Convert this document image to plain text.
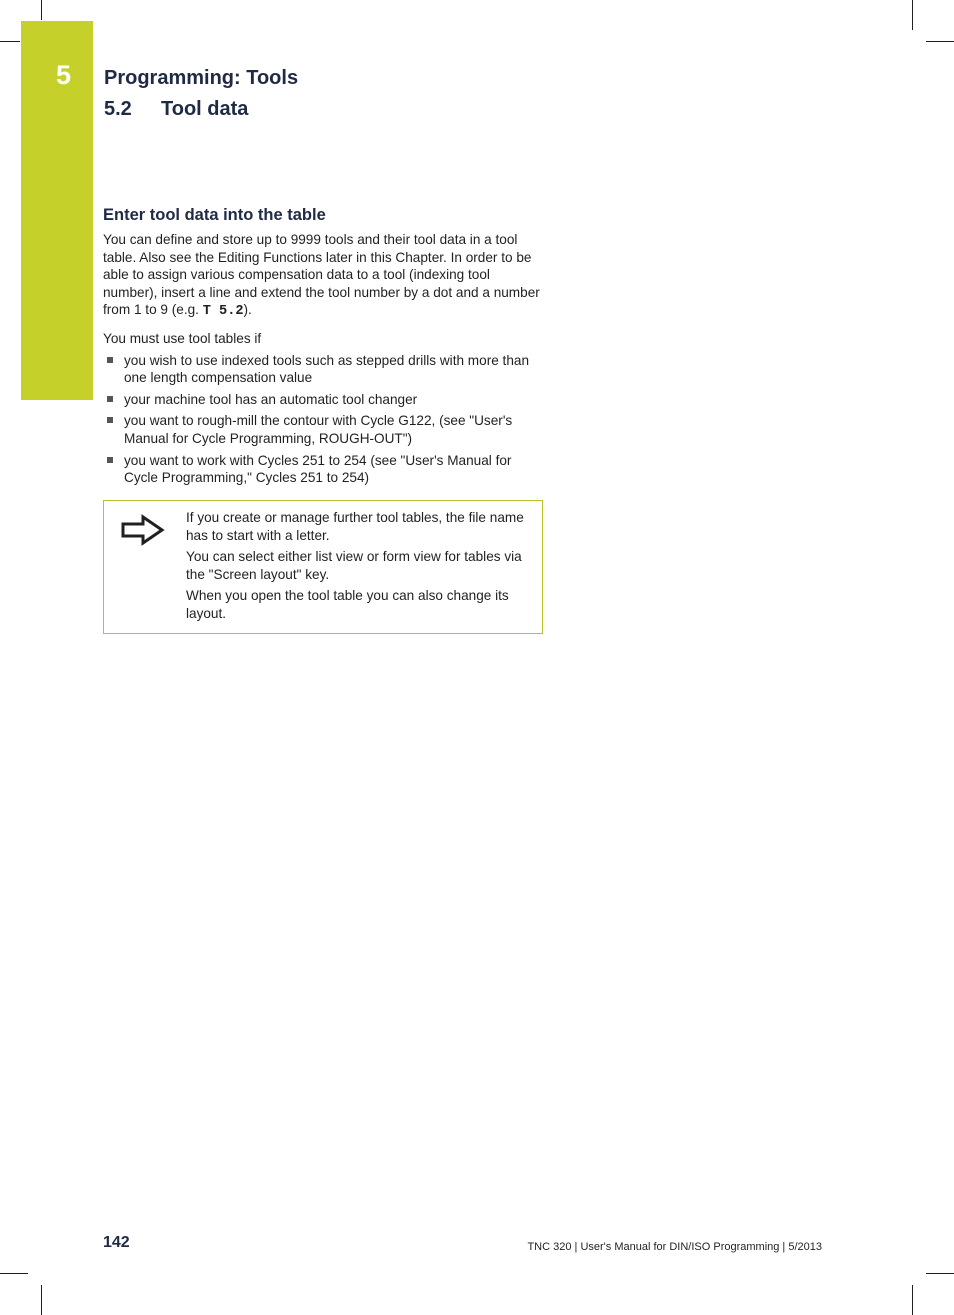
5 Programming: Tools
5.2 Tool data
Enter tool data into the table

You can define and store up to 9999 tools and their tool data in a tool table. Also see the Editing Functions later in this Chapter. In order to be able to assign various compensation data to a tool (indexing tool number), insert a line and extend the tool number by a dot and a number from 1 to 9 (e.g. T 5.2).

You must use tool tables if

you wish to use indexed tools such as stepped drills with more than one length compensation value
your machine tool has an automatic tool changer
you want to rough-mill the contour with Cycle G122, (see "User's Manual for Cycle Programming, ROUGH-OUT")
you want to work with Cycles 251 to 254 (see "User's Manual for Cycle Programming," Cycles 251 to 254)

If you create or manage further tool tables, the file name has to start with a letter.

You can select either list view or form view for tables via the "Screen layout" key.

When you open the tool table you can also change its layout.

142	TNC 320 | User's Manual for DIN/ISO Programming | 5/2013
